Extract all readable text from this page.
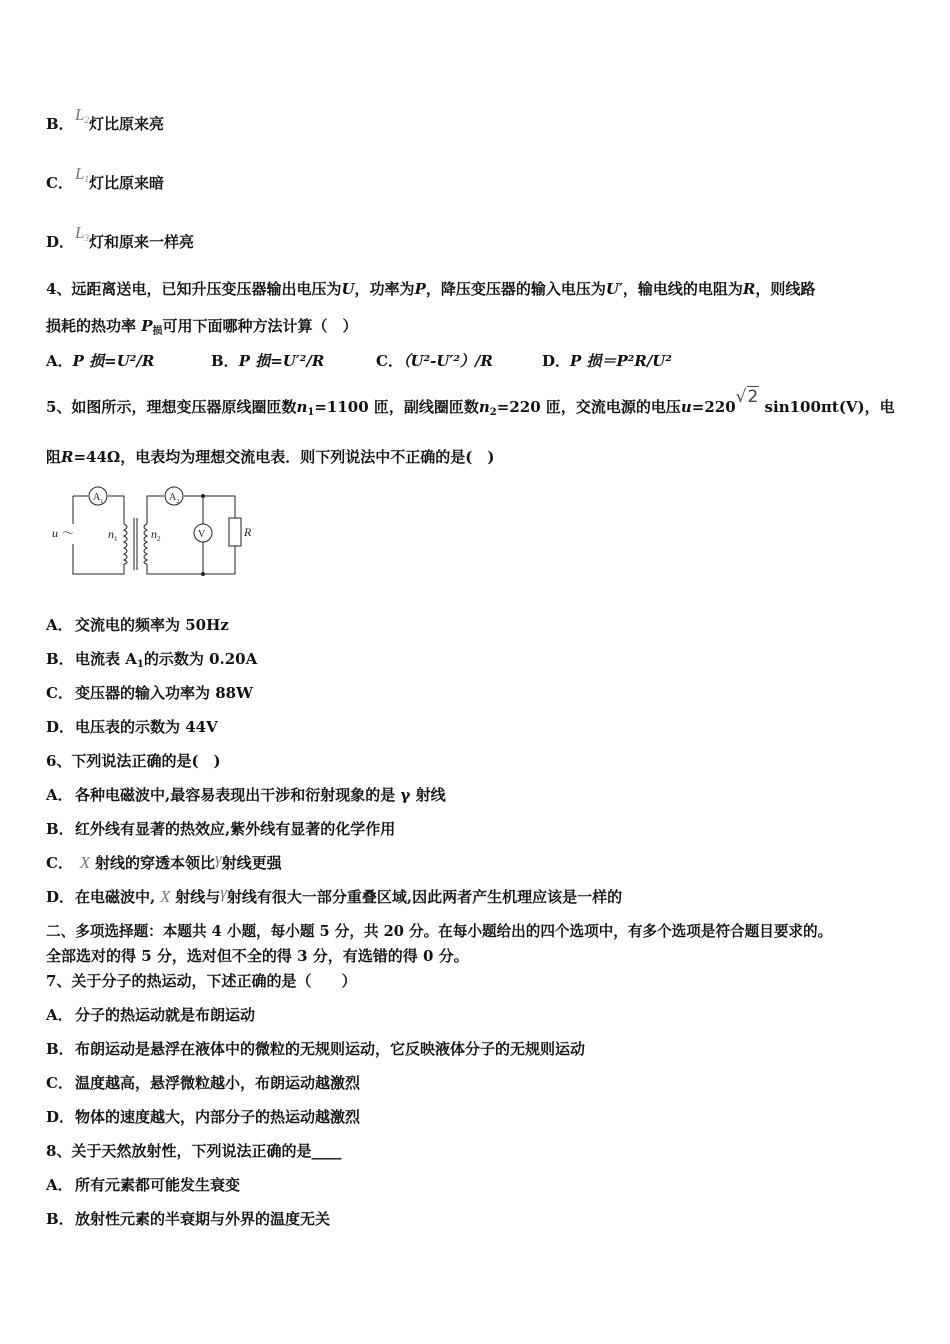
B．L2灯比原来亮
C． L1灯比原来暗
D．L3灯和原来一样亮
4、远距离送电，已知升压变压器输出电压为U，功率为P，降压变压器的输入电压为U′，输电线的电阻为R，则线路
损耗的热功率 $P_损$可用下面哪种方法计算（　）
A．P 损=U²/R	B．P 损=U′²/R	C．（U²-U′²）/R	D．P 损＝P²R/U²
5、如图所示，理想变压器原线圈匝数$n_1=1100$ 匝，副线圈匝数$n_2=220$ 匝，交流电源的电压u=220√2 sin100πt(V)，电
阻R=44Ω，电表均为理想交流电表．则下列说法中不正确的是(　)
u ～
$A_1$	$A_2$
$n_1$	$n_2$	V	R
A． 交流电的频率为 50Hz
B．电流表 $A_1$的示数为 0.20A
C． 变压器的输入功率为 88W
D．电压表的示数为 44V
6、下列说法正确的是(　)
A． 各种电磁波中,最容易表现出干涉和衍射现象的是 γ 射线
B．红外线有显著的热效应,紫外线有显著的化学作用
C． X 射线的穿透本领比γ射线更强
D．在电磁波中, X 射线与γ射线有很大一部分重叠区域,因此两者产生机理应该是一样的
二、多项选择题：本题共 4 小题，每小题 5 分，共 20 分。在每小题给出的四个选项中，有多个选项是符合题目要求的。
全部选对的得 5 分，选对但不全的得 3 分，有选错的得 0 分。
7、关于分子的热运动，下述正确的是（　　）
A． 分子的热运动就是布朗运动
B．布朗运动是悬浮在液体中的微粒的无规则运动，它反映液体分子的无规则运动
C． 温度越高，悬浮微粒越小，布朗运动越激烈
D．物体的速度越大，内部分子的热运动越激烈
8、关于天然放射性，下列说法正确的是____
A． 所有元素都可能发生衰变
B．放射性元素的半衰期与外界的温度无关
